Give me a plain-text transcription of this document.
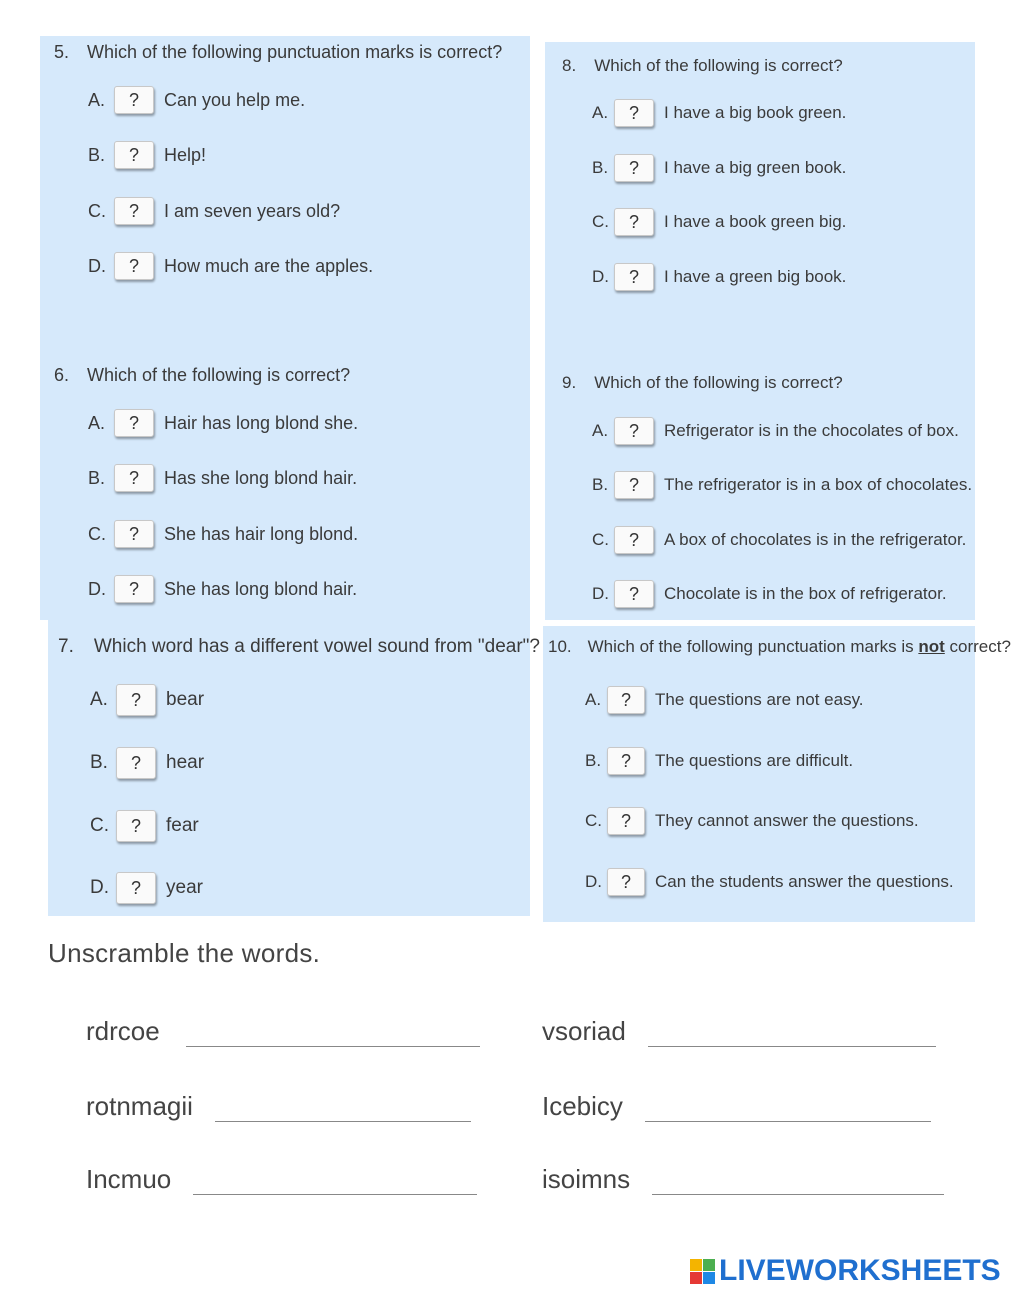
5. Which of the following punctuation marks is correct?
A.	?	Can you help me.
B.	?	Help!
C.	?	I am seven years old?
D.	?	How much are the apples.
6. Which of the following is correct?
A.	?	Hair has long blond she.
B.	?	Has she long blond hair.
C.	?	She has hair long blond.
D.	?	She has long blond hair.
7. Which word has a different vowel sound from "dear"?
A.	?	bear
B.	?	hear
C.	?	fear
D.	?	year
8. Which of the following is correct?
A.	?	I have a big book green.
B.	?	I have a big green book.
C.	?	I have a book green big.
D.	?	I have a green big book.
9. Which of the following is correct?
A.	?	Refrigerator is in the chocolates of box.
B.	?	The refrigerator is in a box of chocolates.
C.	?	A box of chocolates is in the refrigerator.
D.	?	Chocolate is in the box of refrigerator.
10. Which of the following punctuation marks is not correct?
A.	?	The questions are not easy.
B.	?	The questions are difficult.
C.	?	They cannot answer the questions.
D.	?	Can the students answer the questions.
Unscramble the words.
rdrcoe	vsoriad
rotnmagii	Icebicy
Incmuo	isoimns
LIVEWORKSHEETS
